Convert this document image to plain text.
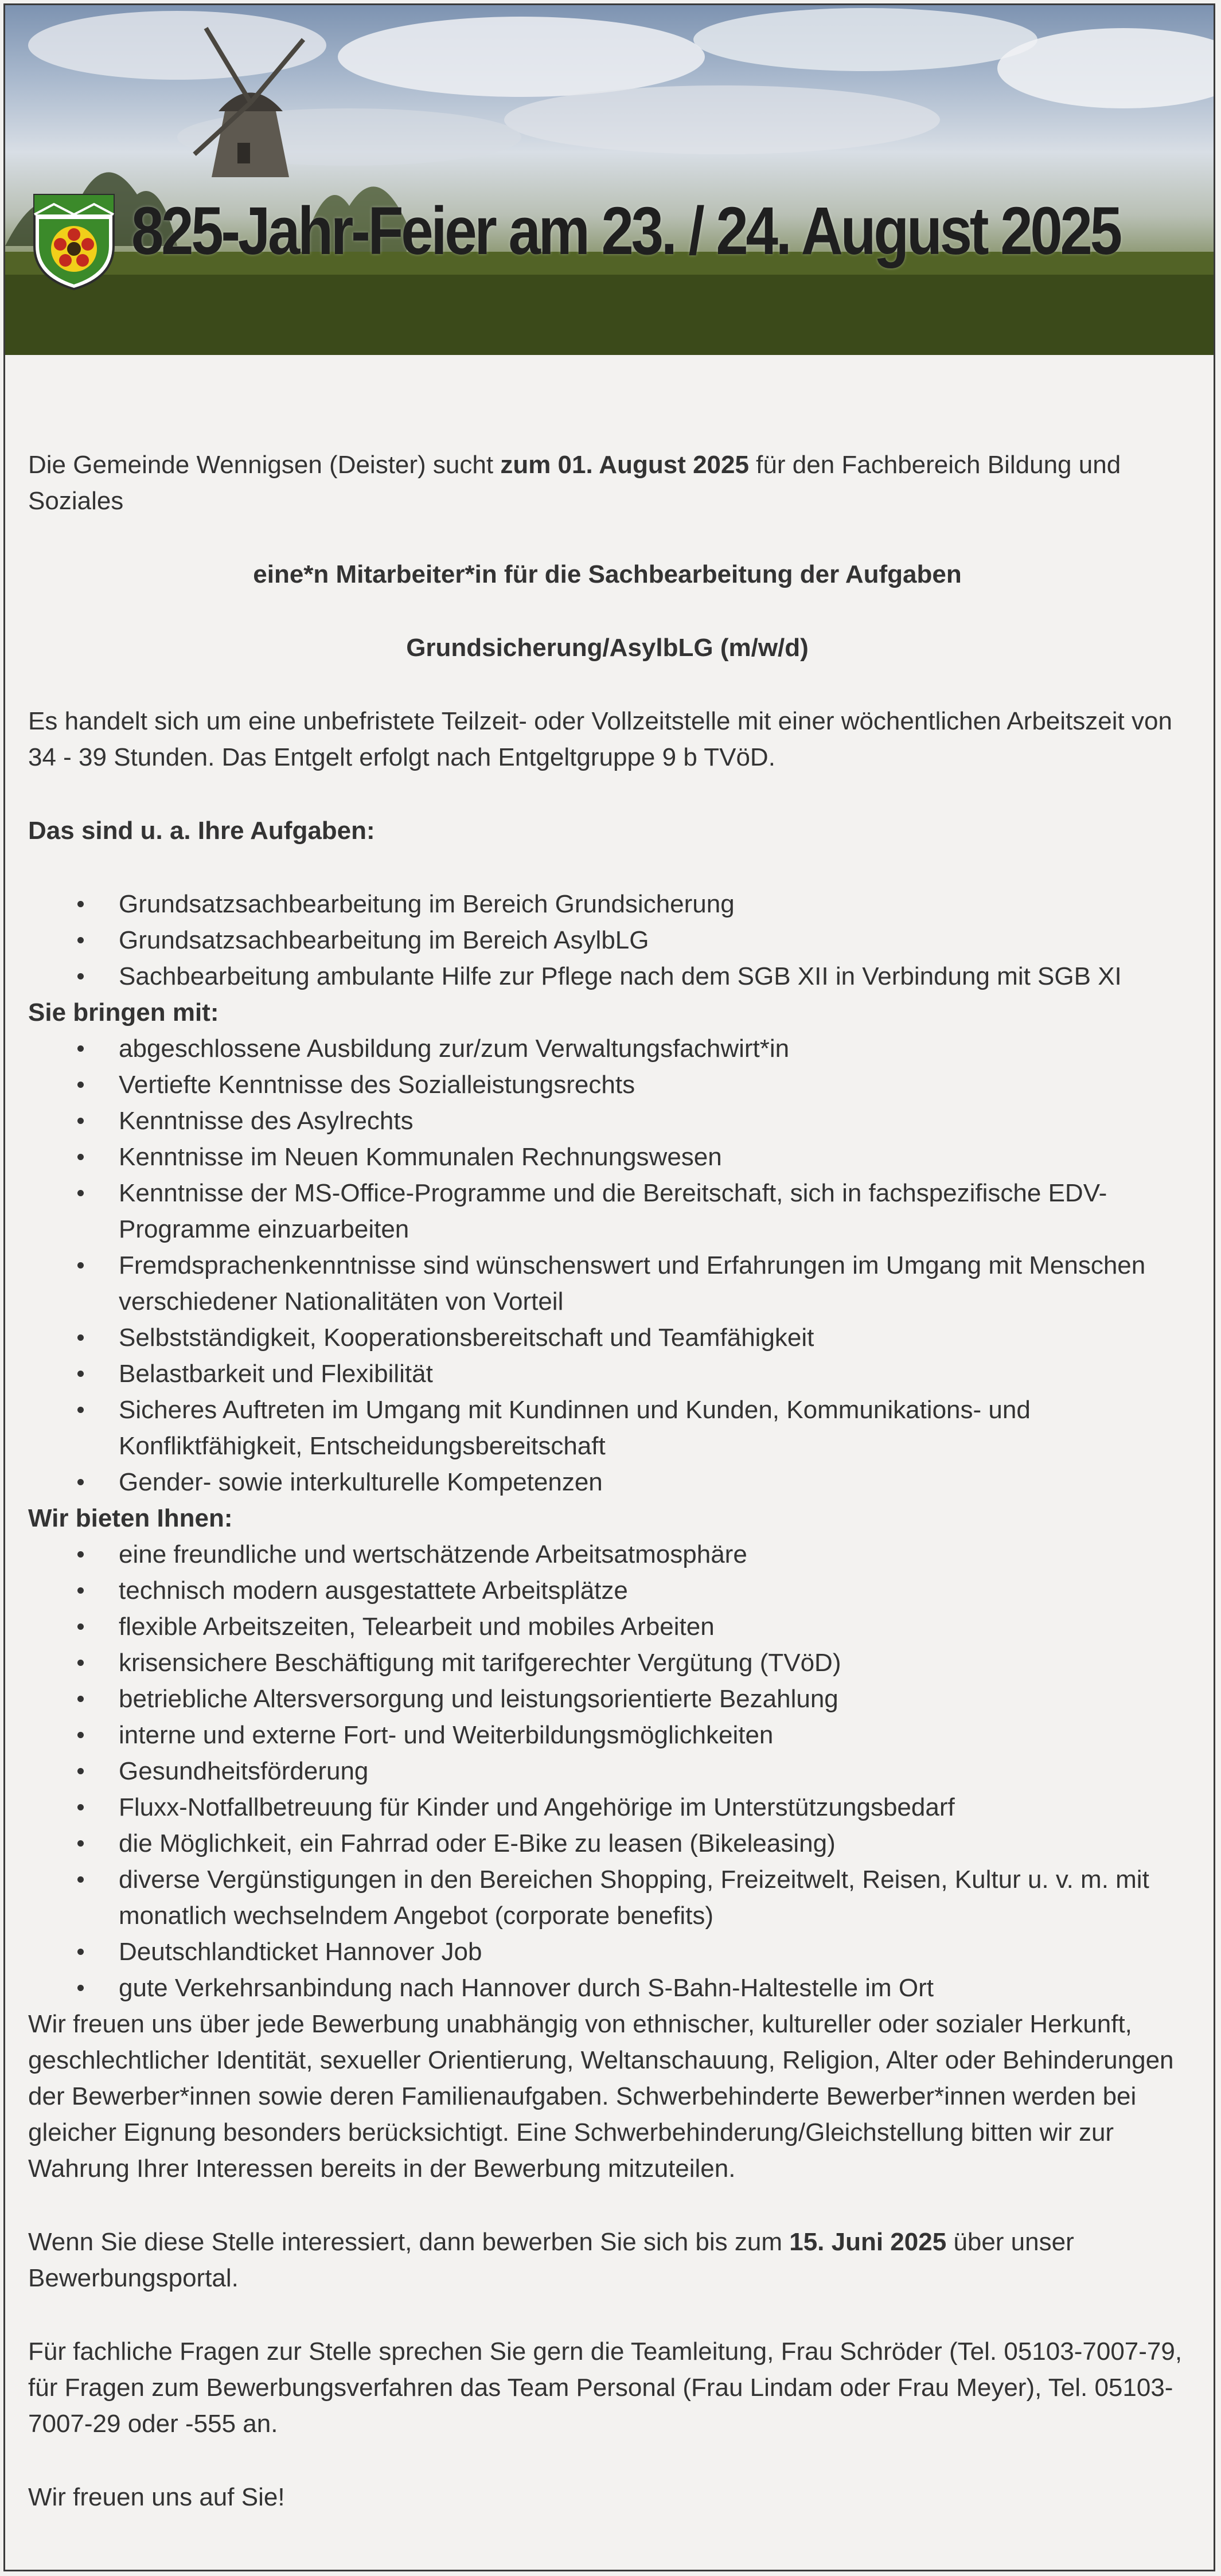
825-Jahr-Feier am 23. / 24. August 2025

Die Gemeinde Wennigsen (Deister) sucht zum 01. August 2025 für den Fachbereich Bildung und Soziales

eine*n Mitarbeiter*in für die Sachbearbeitung der Aufgaben

Grundsicherung/AsylbLG (m/w/d)

Es handelt sich um eine unbefristete Teilzeit- oder Vollzeitstelle mit einer wöchentlichen Arbeitszeit von 34 - 39 Stunden. Das Entgelt erfolgt nach Entgeltgruppe 9 b TVöD.

Das sind u. a. Ihre Aufgaben:

Grundsatzsachbearbeitung im Bereich Grundsicherung
Grundsatzsachbearbeitung im Bereich AsylbLG
Sachbearbeitung ambulante Hilfe zur Pflege nach dem SGB XII in Verbindung mit SGB XI

Sie bringen mit:

abgeschlossene Ausbildung zur/zum Verwaltungsfachwirt*in
Vertiefte Kenntnisse des Sozialleistungsrechts
Kenntnisse des Asylrechts
Kenntnisse im Neuen Kommunalen Rechnungswesen
Kenntnisse der MS-Office-Programme und die Bereitschaft, sich in fachspezifische EDV-Programme einzuarbeiten
Fremdsprachenkenntnisse sind wünschenswert und Erfahrungen im Umgang mit Menschen verschiedener Nationalitäten von Vorteil
Selbstständigkeit, Kooperationsbereitschaft und Teamfähigkeit
Belastbarkeit und Flexibilität
Sicheres Auftreten im Umgang mit Kundinnen und Kunden, Kommunikations- und Konfliktfähigkeit, Entscheidungsbereitschaft
Gender- sowie interkulturelle Kompetenzen

Wir bieten Ihnen:

eine freundliche und wertschätzende Arbeitsatmosphäre
technisch modern ausgestattete Arbeitsplätze
flexible Arbeitszeiten, Telearbeit und mobiles Arbeiten
krisensichere Beschäftigung mit tarifgerechter Vergütung (TVöD)
betriebliche Altersversorgung und leistungsorientierte Bezahlung
interne und externe Fort- und Weiterbildungsmöglichkeiten
Gesundheitsförderung
Fluxx-Notfallbetreuung für Kinder und Angehörige im Unterstützungsbedarf
die Möglichkeit, ein Fahrrad oder E-Bike zu leasen (Bikeleasing)
diverse Vergünstigungen in den Bereichen Shopping, Freizeitwelt, Reisen, Kultur u. v. m. mit monatlich wechselndem Angebot (corporate benefits)
Deutschlandticket Hannover Job
gute Verkehrsanbindung nach Hannover durch S-Bahn-Haltestelle im Ort

Wir freuen uns über jede Bewerbung unabhängig von ethnischer, kultureller oder sozialer Herkunft, geschlechtlicher Identität, sexueller Orientierung, Weltanschauung, Religion, Alter oder Behinderungen der Bewerber*innen sowie deren Familienaufgaben. Schwerbehinderte Bewerber*innen werden bei gleicher Eignung besonders berücksichtigt. Eine Schwerbehinderung/Gleichstellung bitten wir zur Wahrung Ihrer Interessen bereits in der Bewerbung mitzuteilen.

Wenn Sie diese Stelle interessiert, dann bewerben Sie sich bis zum 15. Juni 2025 über unser Bewerbungsportal.

Für fachliche Fragen zur Stelle sprechen Sie gern die Teamleitung, Frau Schröder (Tel. 05103-7007-79, für Fragen zum Bewerbungsverfahren das Team Personal (Frau Lindam oder Frau Meyer), Tel. 05103-7007-29 oder -555 an.

Wir freuen uns auf Sie!
